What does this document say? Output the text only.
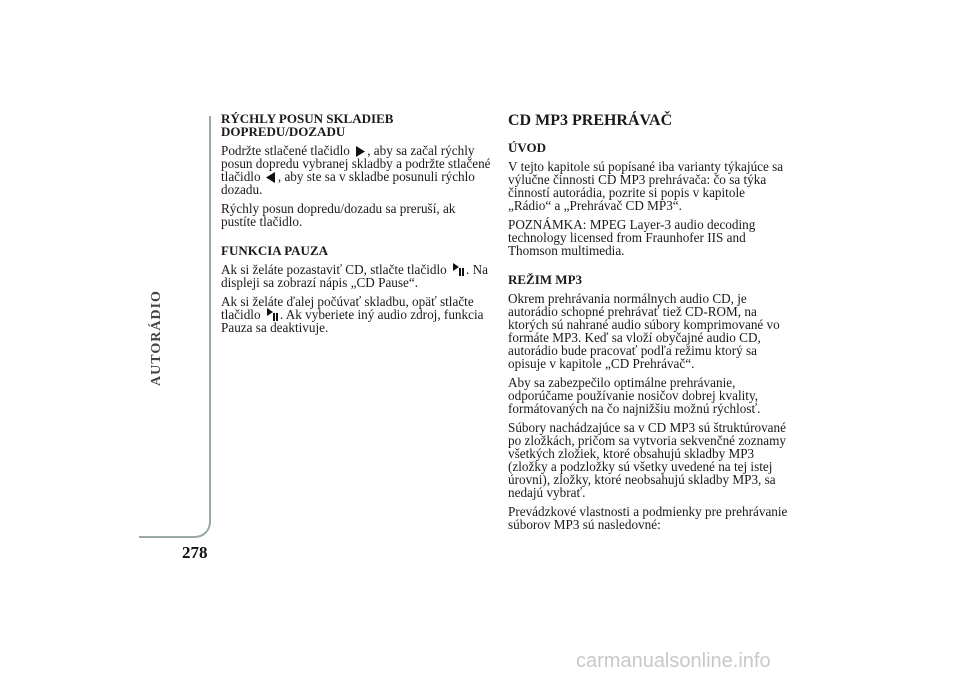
AUTORÁDIO
278
RÝCHLY POSUN SKLADIEB
DOPREDU/DOZADU

Podržte stlačené tlačidlo , aby sa začal rýchly posun dopredu vybranej skladby a podržte stlačené tlačidlo , aby ste sa v skladbe posunuli rýchlo dozadu.

Rýchly posun dopredu/dozadu sa preruší, ak pustíte tlačidlo.

FUNKCIA PAUZA

Ak si želáte pozastaviť CD, stlačte tlačidlo . Na displeji sa zobrazí nápis „CD Pause“.

Ak si želáte ďalej počúvať skladbu, opäť stlačte tlačidlo . Ak vyberiete iný audio zdroj, funkcia Pauza sa deaktivuje.

CD MP3 PREHRÁVAČ
ÚVOD

V tejto kapitole sú popísané iba varianty týkajúce sa výlučne činnosti CD MP3 prehrávača: čo sa týka činností autorádia, pozrite si popis v kapitole „Rádio“ a „Prehrávač CD MP3“.

POZNÁMKA: MPEG Layer-3 audio decoding technology licensed from Fraunhofer IIS and Thomson multimedia.

REŽIM MP3

Okrem prehrávania normálnych audio CD, je autorádio schopné prehrávať tiež CD-ROM, na ktorých sú nahrané audio súbory komprimované vo formáte MP3. Keď sa vloží obyčajné audio CD, autorádio bude pracovať podľa režimu ktorý sa opisuje v kapitole „CD Prehrávač“.

Aby sa zabezpečilo optimálne prehrávanie, odporúčame používanie nosičov dobrej kvality, formátovaných na čo najnižšiu možnú rýchlosť.

Súbory nachádzajúce sa v CD MP3 sú štruktúrované po zložkách, pričom sa vytvoria sekvenčné zoznamy všetkých zložiek, ktoré obsahujú skladby MP3 (zložky a podzložky sú všetky uvedené na tej istej úrovni), zložky, ktoré neobsahujú skladby MP3, sa nedajú vybrať.

Prevádzkové vlastnosti a podmienky pre prehrávanie súborov MP3 sú nasledovné:

carmanualsonline.info
